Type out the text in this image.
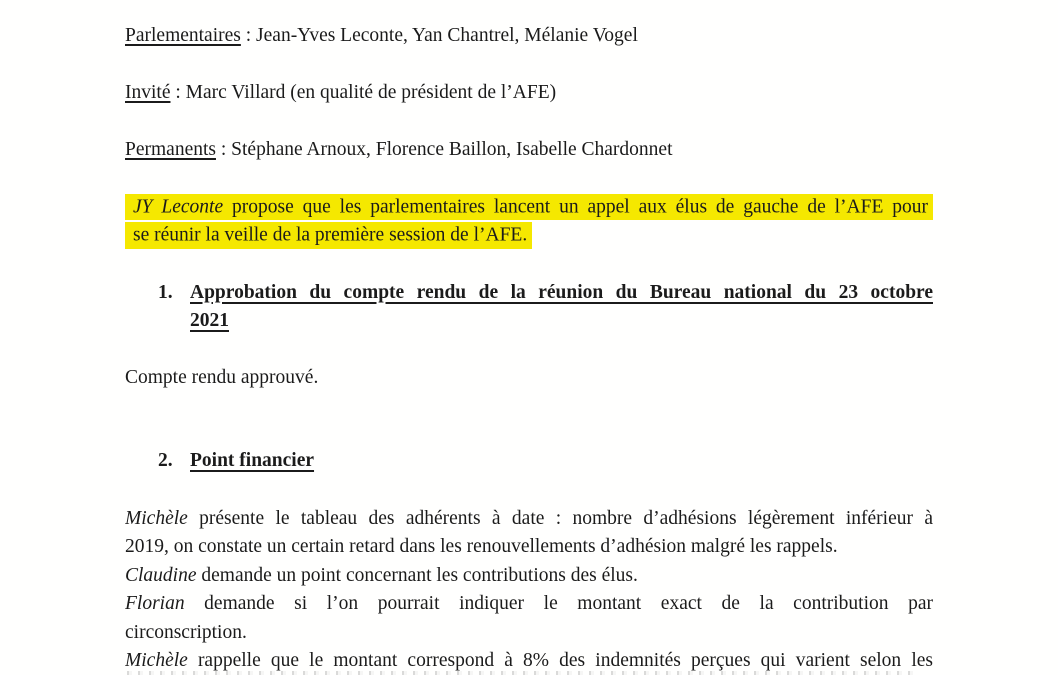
Parlementaires : Jean-Yves Leconte, Yan Chantrel, Mélanie Vogel
Invité : Marc Villard (en qualité de président de l’AFE)
Permanents : Stéphane Arnoux, Florence Baillon, Isabelle Chardonnet
JY Leconte propose que les parlementaires lancent un appel aux élus de gauche de l’AFE pour
se réunir la veille de la première session de l’AFE.
1. Approbation du compte rendu de la réunion du Bureau national du 23 octobre
2021
Compte rendu approuvé.
2. Point financier
Michèle présente le tableau des adhérents à date : nombre d’adhésions légèrement inférieur à
2019, on constate un certain retard dans les renouvellements d’adhésion malgré les rappels.
Claudine demande un point concernant les contributions des élus.
Florian demande si l’on pourrait indiquer le montant exact de la contribution par
circonscription.
Michèle rappelle que le montant correspond à 8% des indemnités perçues qui varient selon les
